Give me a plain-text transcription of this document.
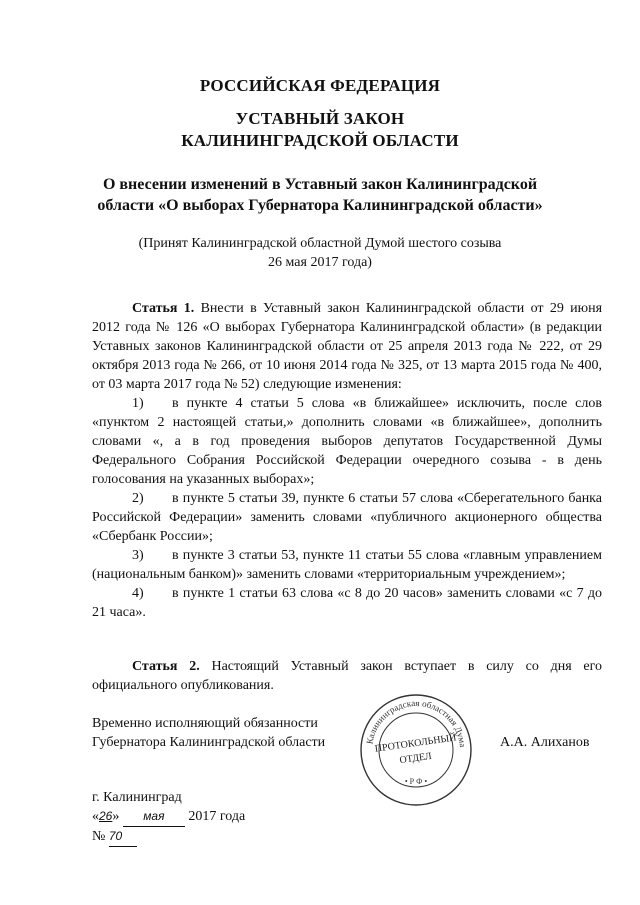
РОССИЙСКАЯ ФЕДЕРАЦИЯ
УСТАВНЫЙ ЗАКОН
КАЛИНИНГРАДСКОЙ ОБЛАСТИ
О внесении изменений в Уставный закон Калининградской
области «О выборах Губернатора Калининградской области»
(Принят Калининградской областной Думой шестого созыва
26 мая 2017 года)

Статья 1. Внести в Уставный закон Калининградской области от 29 июня 2012 года № 126 «О выборах Губернатора Калининградской области» (в редакции Уставных законов Калининградской области от 25 апреля 2013 года № 222, от 29 октября 2013 года № 266, от 10 июня 2014 года № 325, от 13 марта 2015 года № 400, от 03 марта 2017 года № 52) следующие изменения:

1) в пункте 4 статьи 5 слова «в ближайшее» исключить, после слов «пунктом 2 настоящей статьи,» дополнить словами «в ближайшее», дополнить словами «, а в год проведения выборов депутатов Государственной Думы Федерального Собрания Российской Федерации очередного созыва - в день голосования на указанных выборах»;

2) в пункте 5 статьи 39, пункте 6 статьи 57 слова «Сберегательного банка Российской Федерации» заменить словами «публичного акционерного общества «Сбербанк России»;

3) в пункте 3 статьи 53, пункте 11 статьи 55 слова «главным управлением (национальным банком)» заменить словами «территориальным учреждением»;

4) в пункте 1 статьи 63 слова «с 8 до 20 часов» заменить словами «с 7 до 21 часа».

Статья 2. Настоящий Уставный закон вступает в силу со дня его официального опубликования.

Временно исполняющий обязанности
Губернатора Калининградской области	Калининградская областная Дума
ПРОТОКОЛЬНЫЙ
ОТДЕЛ
• Р Ф •
А.А. Алиханов
г. Калининград
«26» мая 2017 года
№ 70
